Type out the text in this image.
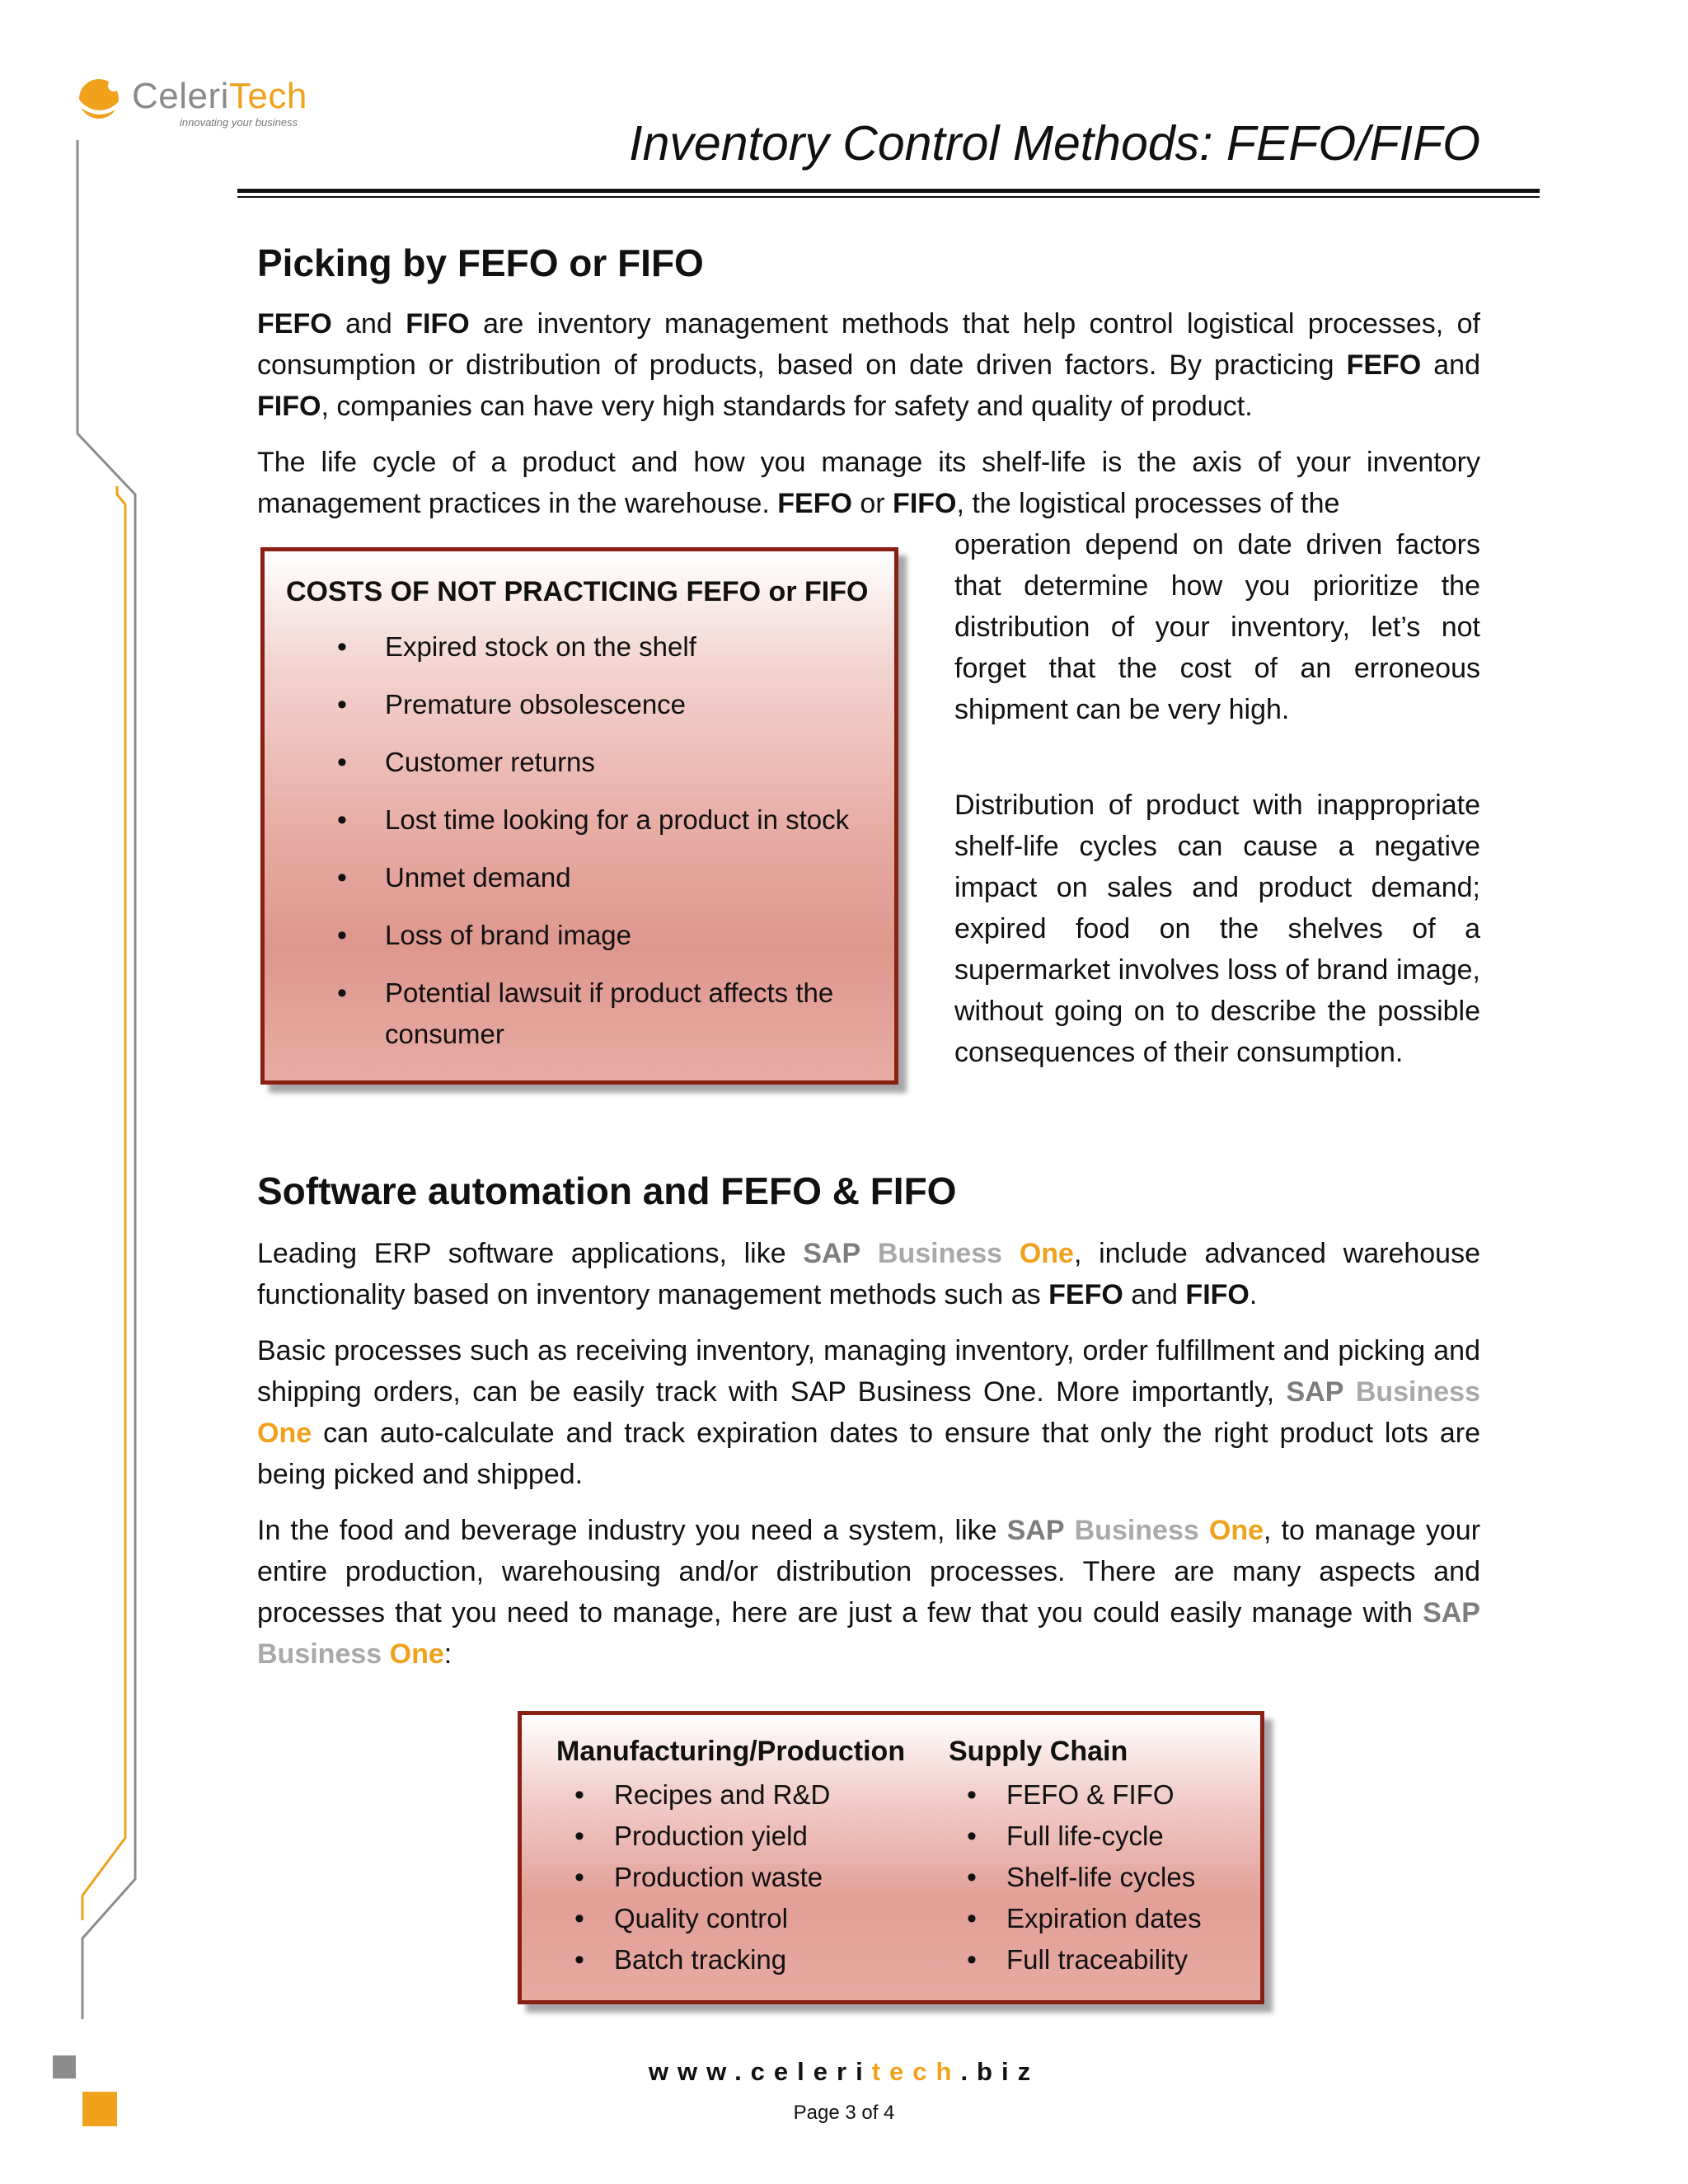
CeleriTech
innovating your business	Inventory Control Methods: FEFO/FIFO
Picking by FEFO or FIFO
FEFO and FIFO are inventory management methods that help control logistical processes, of consumption or distribution of products, based on date driven factors. By practicing FEFO and FIFO, companies can have very high standards for safety and quality of product.
The life cycle of a product and how you manage its shelf-life is the axis of your inventory management practices in the warehouse. FEFO or FIFO, the logistical processes of the
operation depend on date driven factors that determine how you prioritize the distribution of your inventory, let’s not forget that the cost of an erroneous shipment can be very high.
Distribution of product with inappropriate shelf-life cycles can cause a negative impact on sales and product demand; expired food on the shelves of a supermarket involves loss of brand image, without going on to describe the possible consequences of their consumption.
COSTS OF NOT PRACTICING FEFO or FIFO
• Expired stock on the shelf
• Premature obsolescence
• Customer returns
• Lost time looking for a product in stock
• Unmet demand
• Loss of brand image
• Potential lawsuit if product affects the consumer
Software automation and FEFO & FIFO
Leading ERP software applications, like SAP Business One, include advanced warehouse functionality based on inventory management methods such as FEFO and FIFO.
Basic processes such as receiving inventory, managing inventory, order fulfillment and picking and shipping orders, can be easily track with SAP Business One. More importantly, SAP Business One can auto-calculate and track expiration dates to ensure that only the right product lots are being picked and shipped.
In the food and beverage industry you need a system, like SAP Business One, to manage your entire production, warehousing and/or distribution processes. There are many aspects and processes that you need to manage, here are just a few that you could easily manage with SAP Business One:
Manufacturing/Production
• Recipes and R&D
• Production yield
• Production waste
• Quality control
• Batch tracking
Supply Chain
• FEFO & FIFO
• Full life-cycle
• Shelf-life cycles
• Expiration dates
• Full traceability
www.celeritech.biz
Page 3 of 4
